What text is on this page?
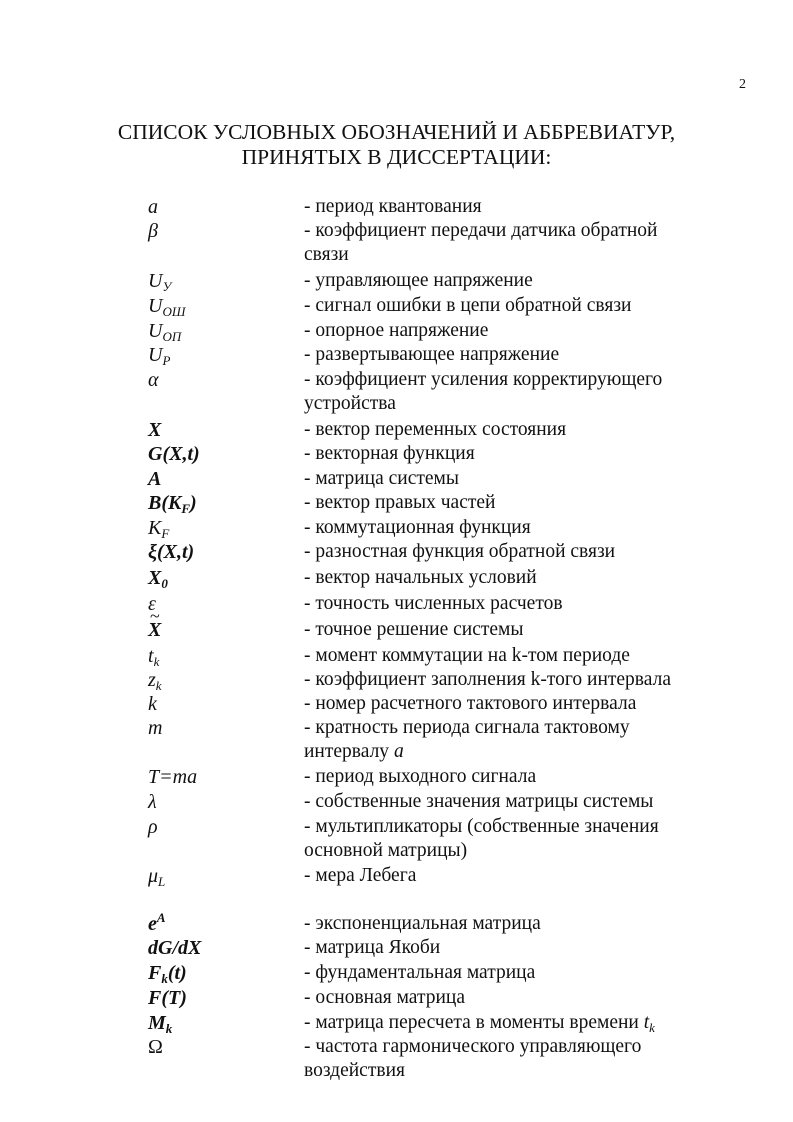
2
СПИСОК УСЛОВНЫХ ОБОЗНАЧЕНИЙ И АББРЕВИАТУР,
ПРИНЯТЫХ В ДИССЕРТАЦИИ:
a	- период квантования
β	- коэффициент передачи датчика обратной
связи
$U_У$	- управляющее напряжение
$U_{ОШ}$	- сигнал ошибки в цепи обратной связи
$U_{ОП}$	- опорное напряжение
$U_Р$	- развертывающее напряжение
α	- коэффициент усиления корректирующего
устройства
X	- вектор переменных состояния
G(X,t)	- векторная функция
A	- матрица системы
$B(K_F)$	- вектор правых частей
$K_F$	- коммутационная функция
ξ(X,t)	- разностная функция обратной связи
$X_0$	- вектор начальных условий
ε	- точность численных расчетов
~ X	- точное решение системы
$t_k$	- момент коммутации на k-том периоде
$z_k$	- коэффициент заполнения k-того интервала
k	- номер расчетного тактового интервала
m	- кратность периода сигнала тактовому
интервалу a
T=ma	- период выходного сигнала
λ	- собственные значения матрицы системы
ρ	- мультипликаторы (собственные значения
основной матрицы)
$\mu_L$	- мера Лебега
$e^A$	- экспоненциальная матрица
dG/dX	- матрица Якоби
$F_k(t)$	- фундаментальная матрица
F(T)	- основная матрица
$M_k$	- матрица пересчета в моменты времени $t_k$
Ω	- частота гармонического управляющего
воздействия
